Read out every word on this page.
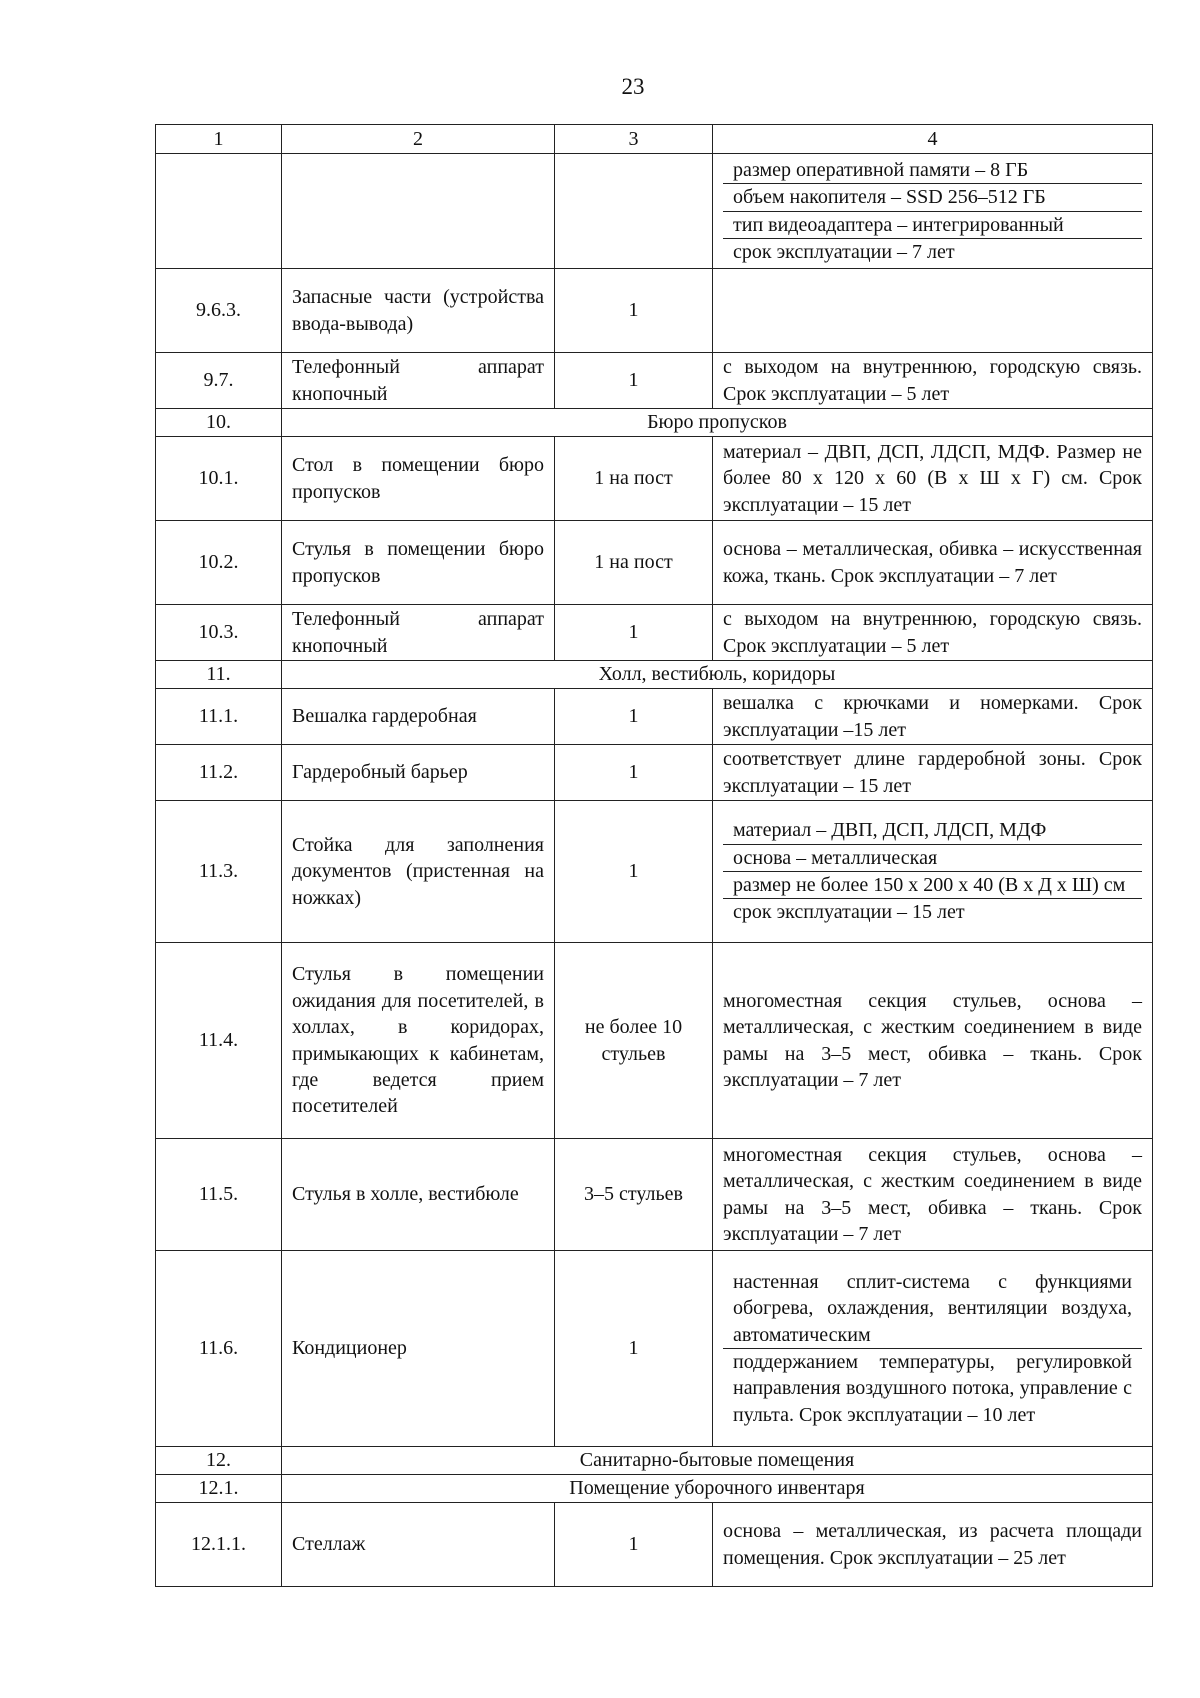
23
1	2	3	4

			размер оперативной памяти – 8 ГБ
объем накопителя – SSD 256–512 ГБ
тип видеоадаптера – интегрированный
срок эксплуатации – 7 лет

9.6.3.	Запасные части (устройства ввода-вывода)	1	
9.7.	Телефонный аппарат кнопочный	1	с выходом на внутреннюю, городскую связь. Срок эксплуатации – 5 лет
10.	Бюро пропусков		
10.1.	Стол в помещении бюро пропусков	1 на пост	материал – ДВП, ДСП, ЛДСП, МДФ. Размер не более 80 x 120 x 60 (В x Ш x Г) см. Срок эксплуатации – 15 лет
10.2.	Стулья в помещении бюро пропусков	1 на пост	основа – металлическая, обивка – искусственная кожа, ткань. Срок эксплуатации – 7 лет
10.3.	Телефонный аппарат кнопочный	1	с выходом на внутреннюю, городскую связь. Срок эксплуатации – 5 лет
11.	Холл, вестибюль, коридоры		
11.1.	Вешалка гардеробная	1	вешалка с крючками и номерками. Срок эксплуатации –15 лет
11.2.	Гардеробный барьер	1	соответствует длине гардеробной зоны. Срок эксплуатации – 15 лет
11.3.	Стойка для заполнения документов (пристенная на ножках)	1	материал – ДВП, ДСП, ЛДСП, МДФ
основа – металлическая
размер не более 150 x 200 x 40 (В x Д x Ш) см
срок эксплуатации – 15 лет

11.4.	Стулья в помещении ожидания для посетителей, в холлах, в коридорах, примыкающих к кабинетам, где ведется прием посетителей	не более 10 стульев	многоместная секция стульев, основа – металлическая, с жестким соединением в виде рамы на 3–5 мест, обивка – ткань. Срок эксплуатации – 7 лет
11.5.	Стулья в холле, вестибюле	3–5 стульев	многоместная секция стульев, основа – металлическая, с жестким соединением в виде рамы на 3–5 мест, обивка – ткань. Срок эксплуатации – 7 лет
11.6.	Кондиционер	1	настенная сплит-система с функциями обогрева, охлаждения, вентиляции воздуха, автоматическим
поддержанием температуры, регулировкой направления воздушного потока, управление с пульта. Срок эксплуатации – 10 лет

12.	Санитарно-бытовые помещения		
12.1.	Помещение уборочного инвентаря		
12.1.1.	Стеллаж	1	основа – металлическая, из расчета площади помещения. Срок эксплуатации – 25 лет
